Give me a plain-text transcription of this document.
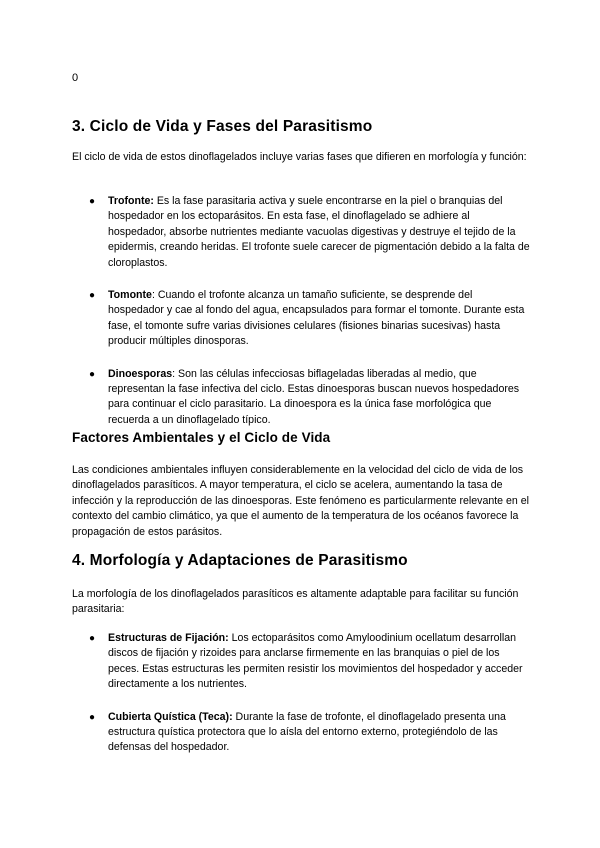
0
3. Ciclo de Vida y Fases del Parasitismo

El ciclo de vida de estos dinoflagelados incluye varias fases que difieren en morfología y función:

● Trofonte: Es la fase parasitaria activa y suele encontrarse en la piel o branquias del hospedador en los ectoparásitos. En esta fase, el dinoflagelado se adhiere al hospedador, absorbe nutrientes mediante vacuolas digestivas y destruye el tejido de la epidermis, creando heridas. El trofonte suele carecer de pigmentación debido a la falta de cloroplastos.
● Tomonte: Cuando el trofonte alcanza un tamaño suficiente, se desprende del hospedador y cae al fondo del agua, encapsulados para formar el tomonte. Durante esta fase, el tomonte sufre varias divisiones celulares (fisiones binarias sucesivas) hasta producir múltiples dinosporas.
● Dinoesporas: Son las células infecciosas biflageladas liberadas al medio, que representan la fase infectiva del ciclo. Estas dinoesporas buscan nuevos hospedadores para continuar el ciclo parasitario. La dinoespora es la única fase morfológica que recuerda a un dinoflagelado típico.
Factores Ambientales y el Ciclo de Vida

Las condiciones ambientales influyen considerablemente en la velocidad del ciclo de vida de los dinoflagelados parasíticos. A mayor temperatura, el ciclo se acelera, aumentando la tasa de infección y la reproducción de las dinoesporas. Este fenómeno es particularmente relevante en el contexto del cambio climático, ya que el aumento de la temperatura de los océanos favorece la propagación de estos parásitos.

4. Morfología y Adaptaciones de Parasitismo

La morfología de los dinoflagelados parasíticos es altamente adaptable para facilitar su función parasitaria:

● Estructuras de Fijación: Los ectoparásitos como Amyloodinium ocellatum desarrollan discos de fijación y rizoides para anclarse firmemente en las branquias o piel de los peces. Estas estructuras les permiten resistir los movimientos del hospedador y acceder directamente a los nutrientes.
● Cubierta Quística (Teca): Durante la fase de trofonte, el dinoflagelado presenta una estructura quística protectora que lo aísla del entorno externo, protegiéndolo de las defensas del hospedador.
